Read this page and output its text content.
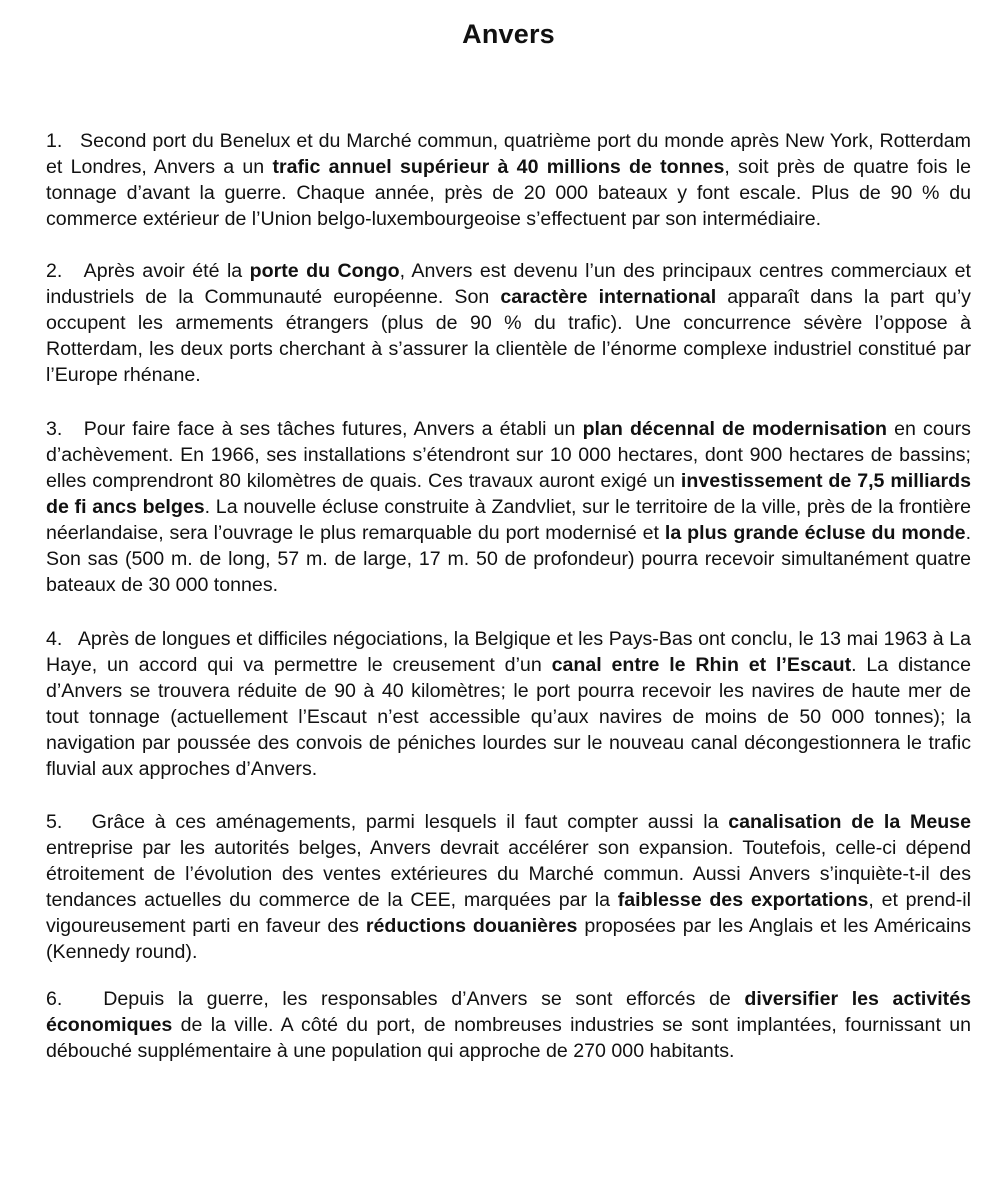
Anvers

1. Second port du Benelux et du Marché commun, quatrième port du monde après New York, Rotterdam et Londres, Anvers a un trafic annuel supérieur à 40 millions de tonnes, soit près de quatre fois le tonnage d’avant la guerre. Chaque année, près de 20 000 bateaux y font escale. Plus de 90 % du commerce extérieur de l’Union belgo-luxembourgeoise s’effectuent par son intermédiaire.

2. Après avoir été la porte du Congo, Anvers est devenu l’un des principaux centres commerciaux et industriels de la Communauté européenne. Son caractère international apparaît dans la part qu’y occupent les armements étrangers (plus de 90 % du trafic). Une concurrence sévère l’oppose à Rotterdam, les deux ports cherchant à s’assurer la clientèle de l’énorme complexe industriel constitué par l’Europe rhénane.

3. Pour faire face à ses tâches futures, Anvers a établi un plan décennal de modernisation en cours d’achèvement. En 1966, ses installations s’étendront sur 10 000 hectares, dont 900 hectares de bassins; elles comprendront 80 kilomètres de quais. Ces travaux auront exigé un investissement de 7,5 milliards de fi ancs belges. La nouvelle écluse construite à Zandvliet, sur le territoire de la ville, près de la frontière néerlandaise, sera l’ouvrage le plus remarquable du port modernisé et la plus grande écluse du monde. Son sas (500 m. de long, 57 m. de large, 17 m. 50 de profondeur) pourra recevoir simultanément quatre bateaux de 30 000 tonnes.

4. Après de longues et difficiles négociations, la Belgique et les Pays-Bas ont conclu, le 13 mai 1963 à La Haye, un accord qui va permettre le creusement d’un canal entre le Rhin et l’Escaut. La distance d’Anvers se trouvera réduite de 90 à 40 kilomètres; le port pourra recevoir les navires de haute mer de tout tonnage (actuellement l’Escaut n’est accessible qu’aux navires de moins de 50 000 tonnes); la navigation par poussée des convois de péniches lourdes sur le nouveau canal décongestionnera le trafic fluvial aux approches d’Anvers.

5. Grâce à ces aménagements, parmi lesquels il faut compter aussi la canalisation de la Meuse entreprise par les autorités belges, Anvers devrait accélérer son expansion. Toutefois, celle-ci dépend étroitement de l’évolution des ventes extérieures du Marché commun. Aussi Anvers s’inquiète-t-il des tendances actuelles du commerce de la CEE, marquées par la faiblesse des exportations, et prend-il vigoureusement parti en faveur des réductions douanières proposées par les Anglais et les Américains (Kennedy round).

6. Depuis la guerre, les responsables d’Anvers se sont efforcés de diversifier les activités économiques de la ville. A côté du port, de nombreuses industries se sont implantées, fournissant un débouché supplémentaire à une population qui approche de 270 000 habitants.
